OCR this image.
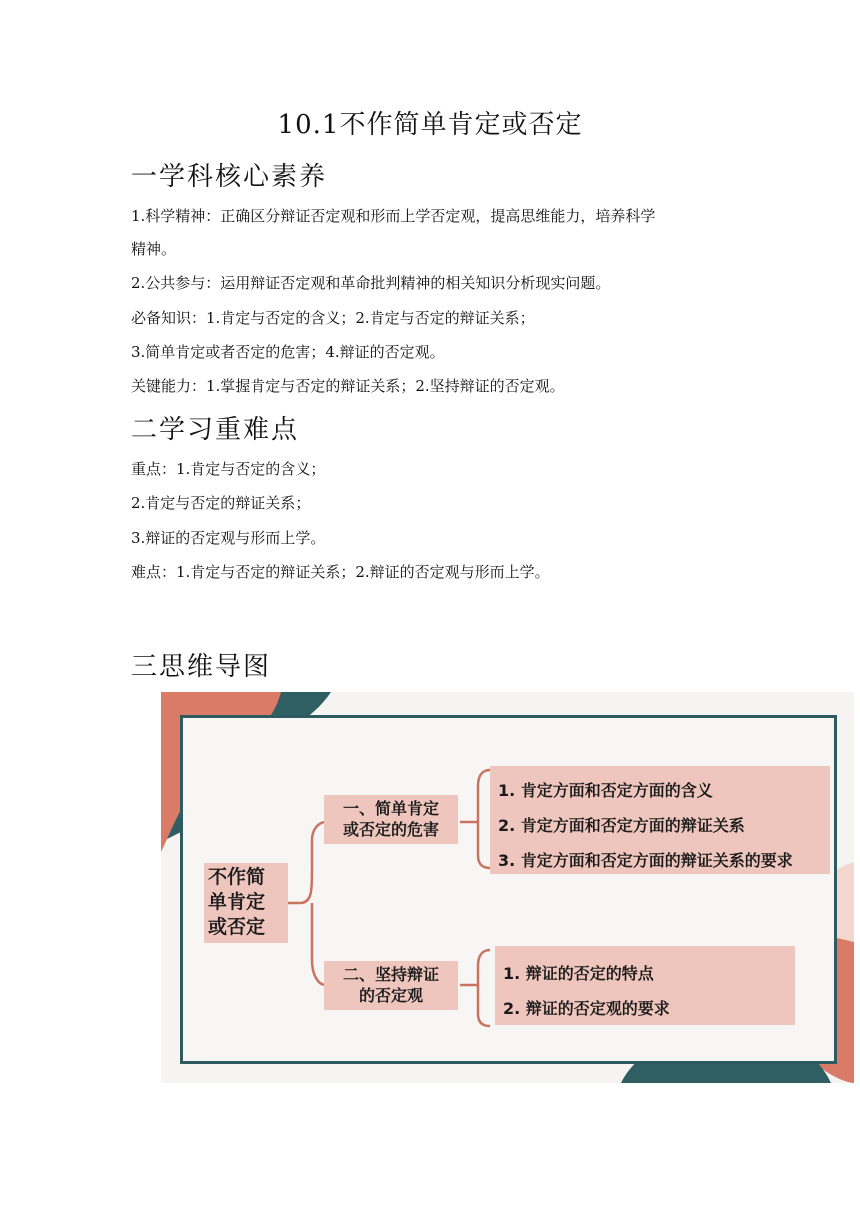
10.1不作简单肯定或否定
一学科核心素养
1.科学精神：正确区分辩证否定观和形而上学否定观，提高思维能力，培养科学
精神。
2.公共参与：运用辩证否定观和革命批判精神的相关知识分析现实问题。
必备知识：1.肯定与否定的含义；2.肯定与否定的辩证关系；
3.简单肯定或者否定的危害；4.辩证的否定观。
关键能力：1.掌握肯定与否定的辩证关系；2.坚持辩证的否定观。
二学习重难点
重点：1.肯定与否定的含义；
2.肯定与否定的辩证关系；
3.辩证的否定观与形而上学。
难点：1.肯定与否定的辩证关系；2.辩证的否定观与形而上学。
三思维导图
不作简
单肯定
或否定
一、简单肯定
或否定的危害
二、坚持辩证
的否定观
1. 肯定方面和否定方面的含义
2. 肯定方面和否定方面的辩证关系
3. 肯定方面和否定方面的辩证关系的要求
1. 辩证的否定的特点
2. 辩证的否定观的要求
